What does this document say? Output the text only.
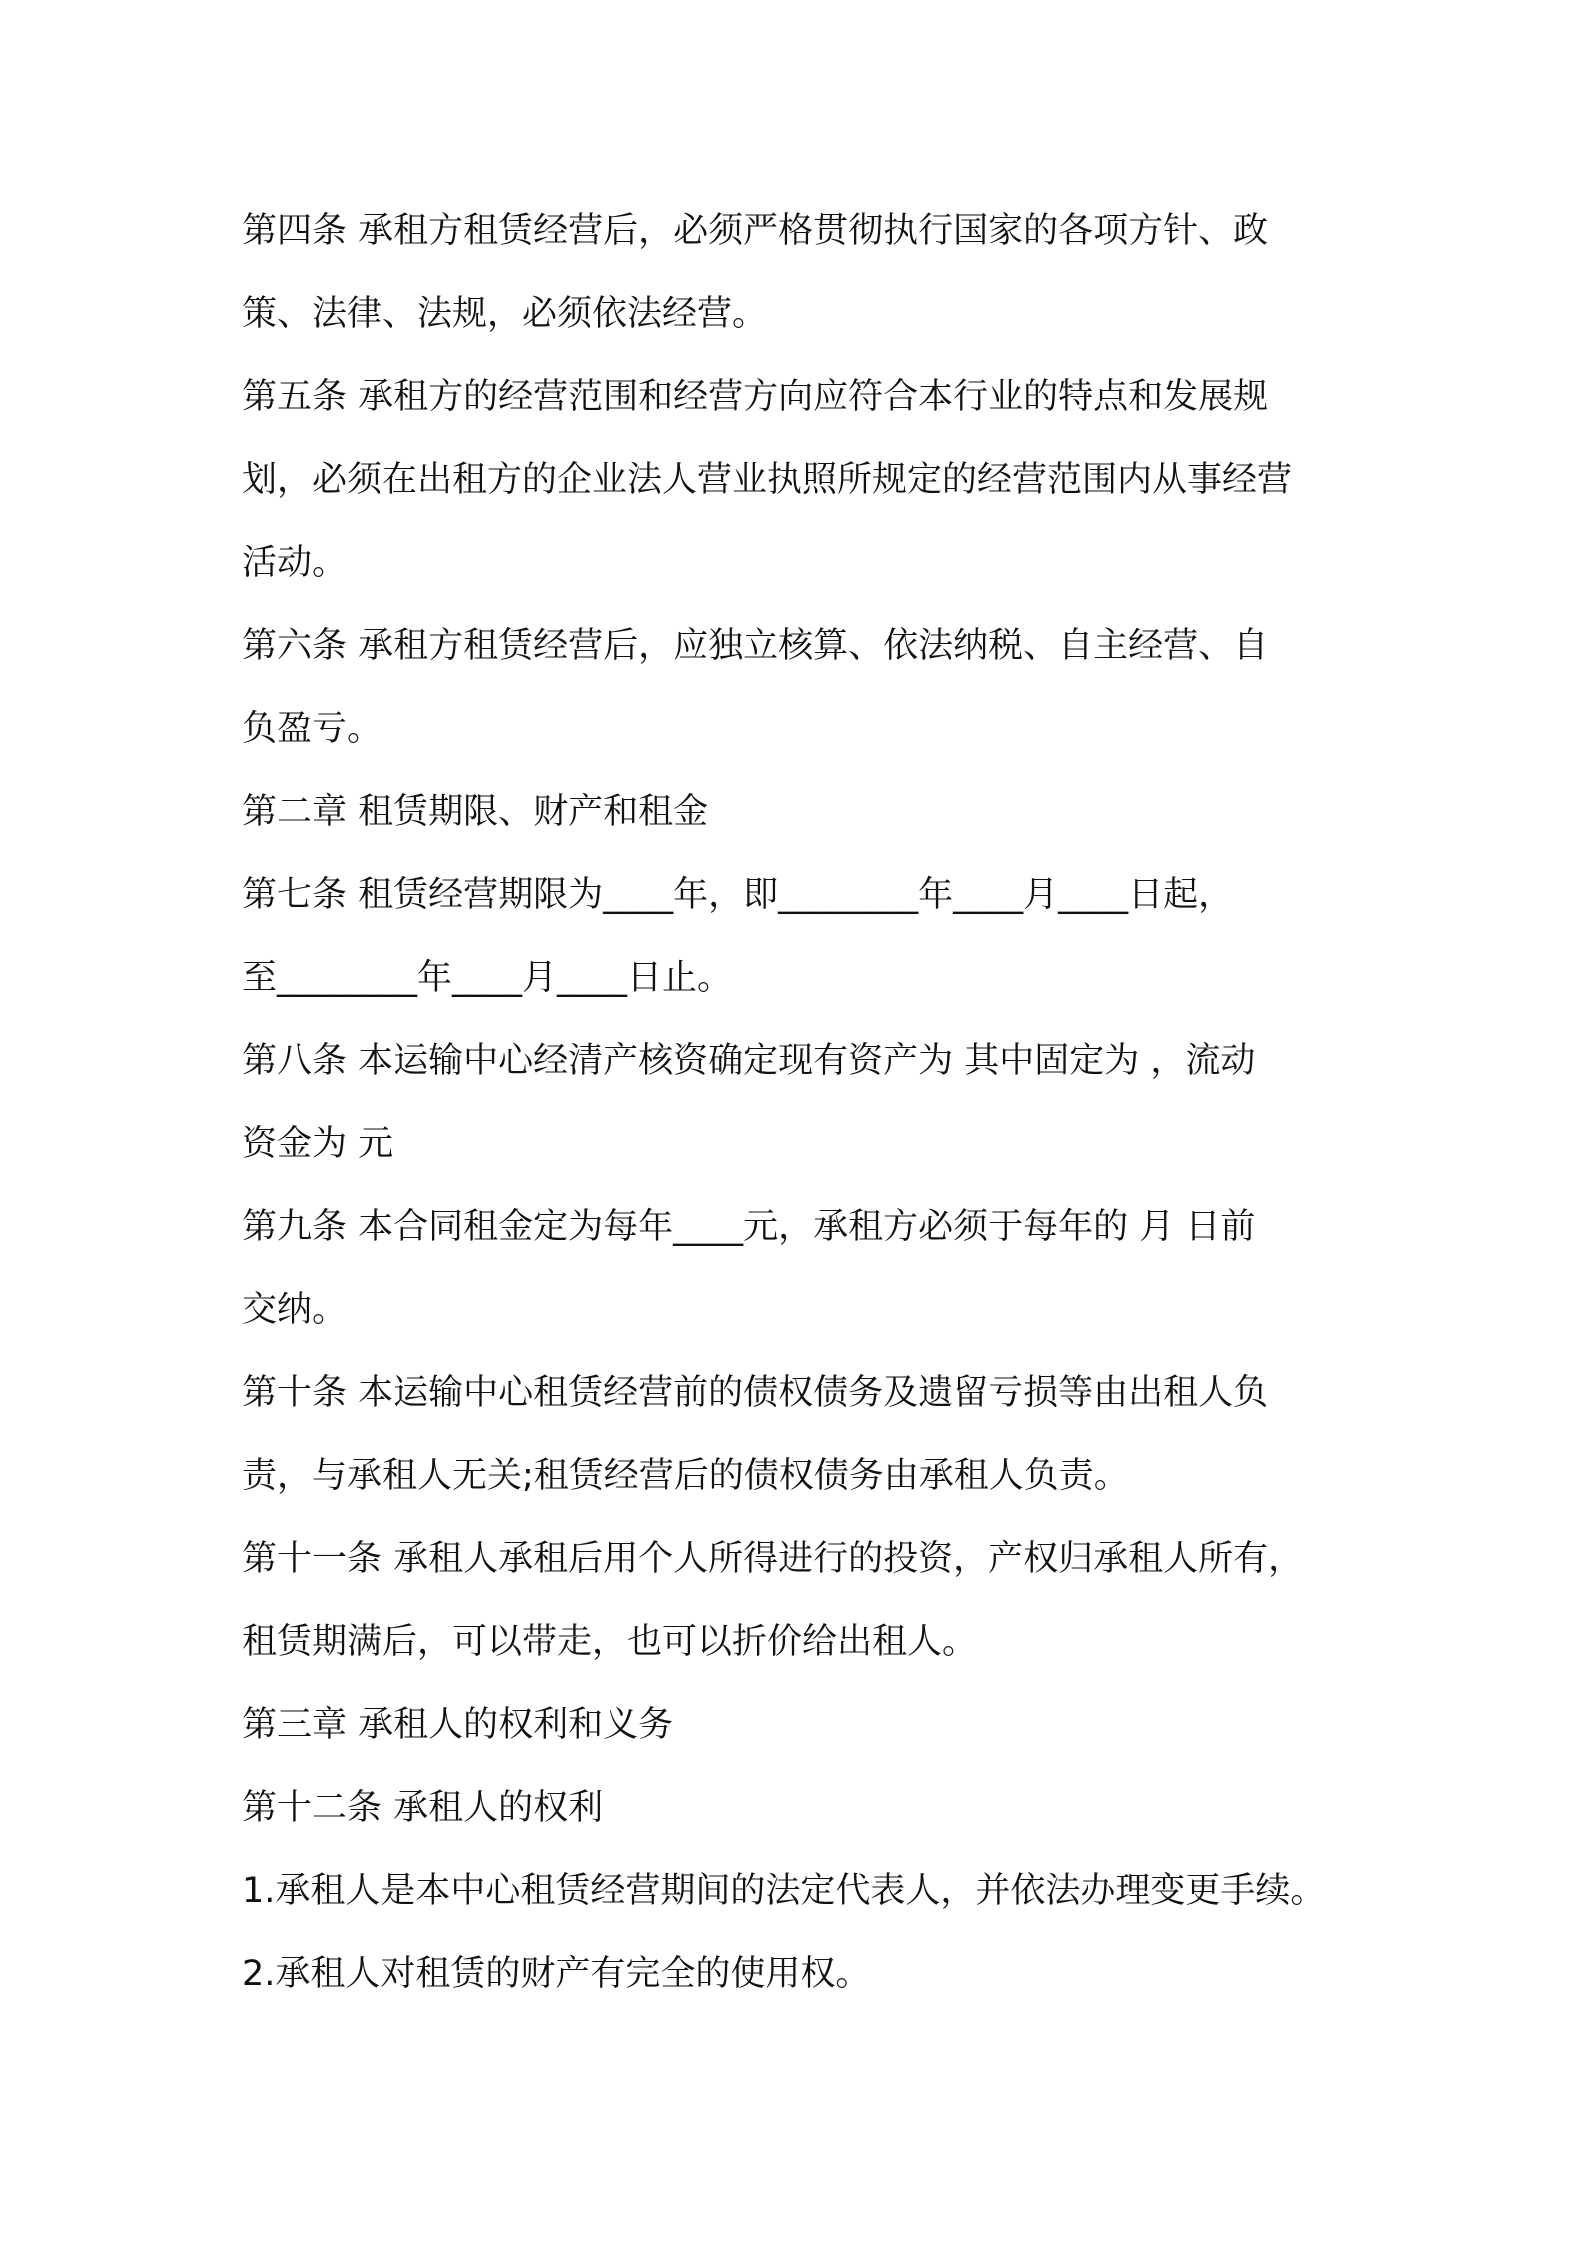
第四条 承租方租赁经营后，必须严格贯彻执行国家的各项方针、政
策、法律、法规，必须依法经营。

第五条 承租方的经营范围和经营方向应符合本行业的特点和发展规
划，必须在出租方的企业法人营业执照所规定的经营范围内从事经营
活动。

第六条 承租方租赁经营后，应独立核算、依法纳税、自主经营、自
负盈亏。

第二章 租赁期限、财产和租金

第七条 租赁经营期限为____年，即________年____月____日起，
至________年____月____日止。

第八条 本运输中心经清产核资确定现有资产为 其中固定为 ，流动
资金为 元

第九条 本合同租金定为每年____元，承租方必须于每年的 月 日前
交纳。

第十条 本运输中心租赁经营前的债权债务及遗留亏损等由出租人负
责，与承租人无关;租赁经营后的债权债务由承租人负责。

第十一条 承租人承租后用个人所得进行的投资，产权归承租人所有，
租赁期满后，可以带走，也可以折价给出租人。

第三章 承租人的权利和义务

第十二条 承租人的权利

1.承租人是本中心租赁经营期间的法定代表人，并依法办理变更手续。

2.承租人对租赁的财产有完全的使用权。
